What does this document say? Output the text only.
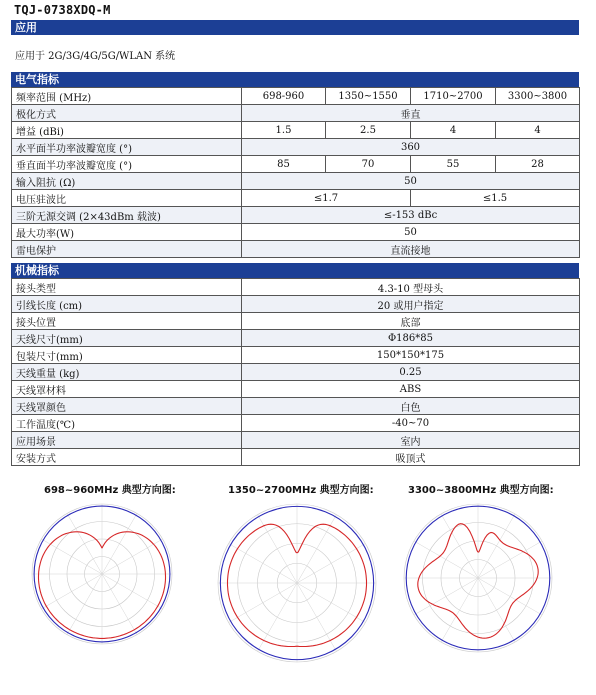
TQJ-0738XDQ-M
应用
应用于 2G/3G/4G/5G/WLAN 系统
电气指标
频率范围 (MHz)	698-960	1350~1550	1710~2700	3300~3800
极化方式	垂直			
增益 (dBi)	1.5	2.5	4	4
水平面半功率波瓣宽度 (°)	360			
垂直面半功率波瓣宽度 (°)	85	70	55	28
输入阻抗 (Ω)	50			
电压驻波比	≤1.7		≤1.5	
三阶无源交调 (2×43dBm 载波)	≤-153 dBc			
最大功率(W)	50			
雷电保护	直流接地			
机械指标
接头类型	4.3-10 型母头
引线长度 (cm)	20 或用户指定
接头位置	底部
天线尺寸(mm)	Φ186*85
包装尺寸(mm)	150*150*175
天线重量 (kg)	0.25
天线罩材料	ABS
天线罩颜色	白色
工作温度(℃)	-40~70
应用场景	室内
安装方式	吸顶式
698~960MHz 典型方向图:	1350~2700MHz 典型方向图:	3300~3800MHz 典型方向图:
